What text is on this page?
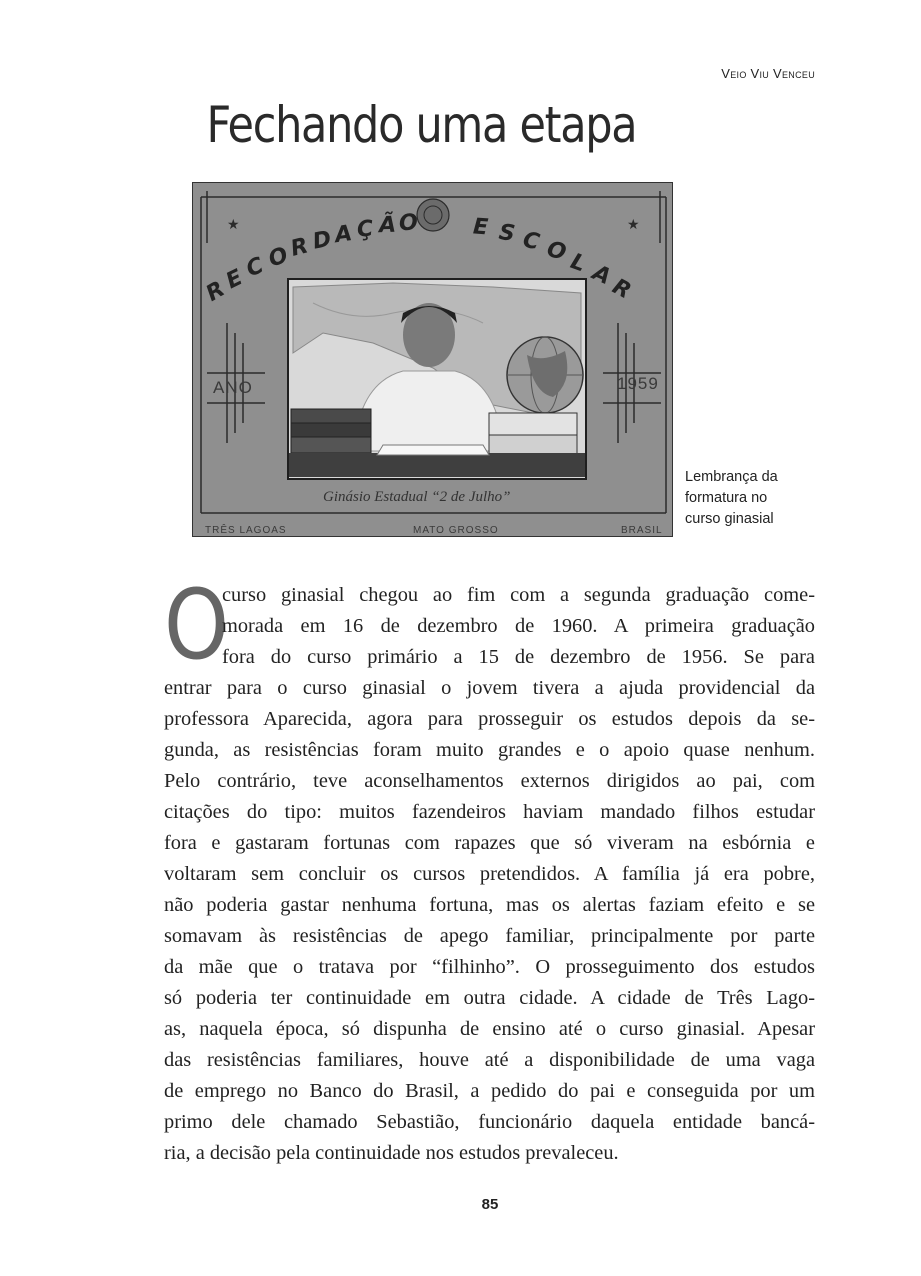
Veio Viu Venceu
Fechando uma etapa
★	★
R
E
C
O
R D
A Ç Ã O E S C O
L
A
R
ANO	1959
Ginásio Estadual “2 de Julho”
TRÊS LAGOAS	MATO GROSSO	BRASIL
Lembrança da
formatura no
curso ginasial
O
curso ginasial chegou ao fim com a segunda graduação come-
morada em 16 de dezembro de 1960. A primeira graduação
fora do curso primário a 15 de dezembro de 1956. Se para
entrar para o curso ginasial o jovem tivera a ajuda providencial da
professora Aparecida, agora para prosseguir os estudos depois da se-
gunda, as resistências foram muito grandes e o apoio quase nenhum.
Pelo contrário, teve aconselhamentos externos dirigidos ao pai, com
citações do tipo: muitos fazendeiros haviam mandado filhos estudar
fora e gastaram fortunas com rapazes que só viveram na esbórnia e
voltaram sem concluir os cursos pretendidos. A família já era pobre,
não poderia gastar nenhuma fortuna, mas os alertas faziam efeito e se
somavam às resistências de apego familiar, principalmente por parte
da mãe que o tratava por “filhinho”. O prosseguimento dos estudos
só poderia ter continuidade em outra cidade. A cidade de Três Lago-
as, naquela época, só dispunha de ensino até o curso ginasial. Apesar
das resistências familiares, houve até a disponibilidade de uma vaga
de emprego no Banco do Brasil, a pedido do pai e conseguida por um
primo dele chamado Sebastião, funcionário daquela entidade bancá-
ria, a decisão pela continuidade nos estudos prevaleceu.
85
